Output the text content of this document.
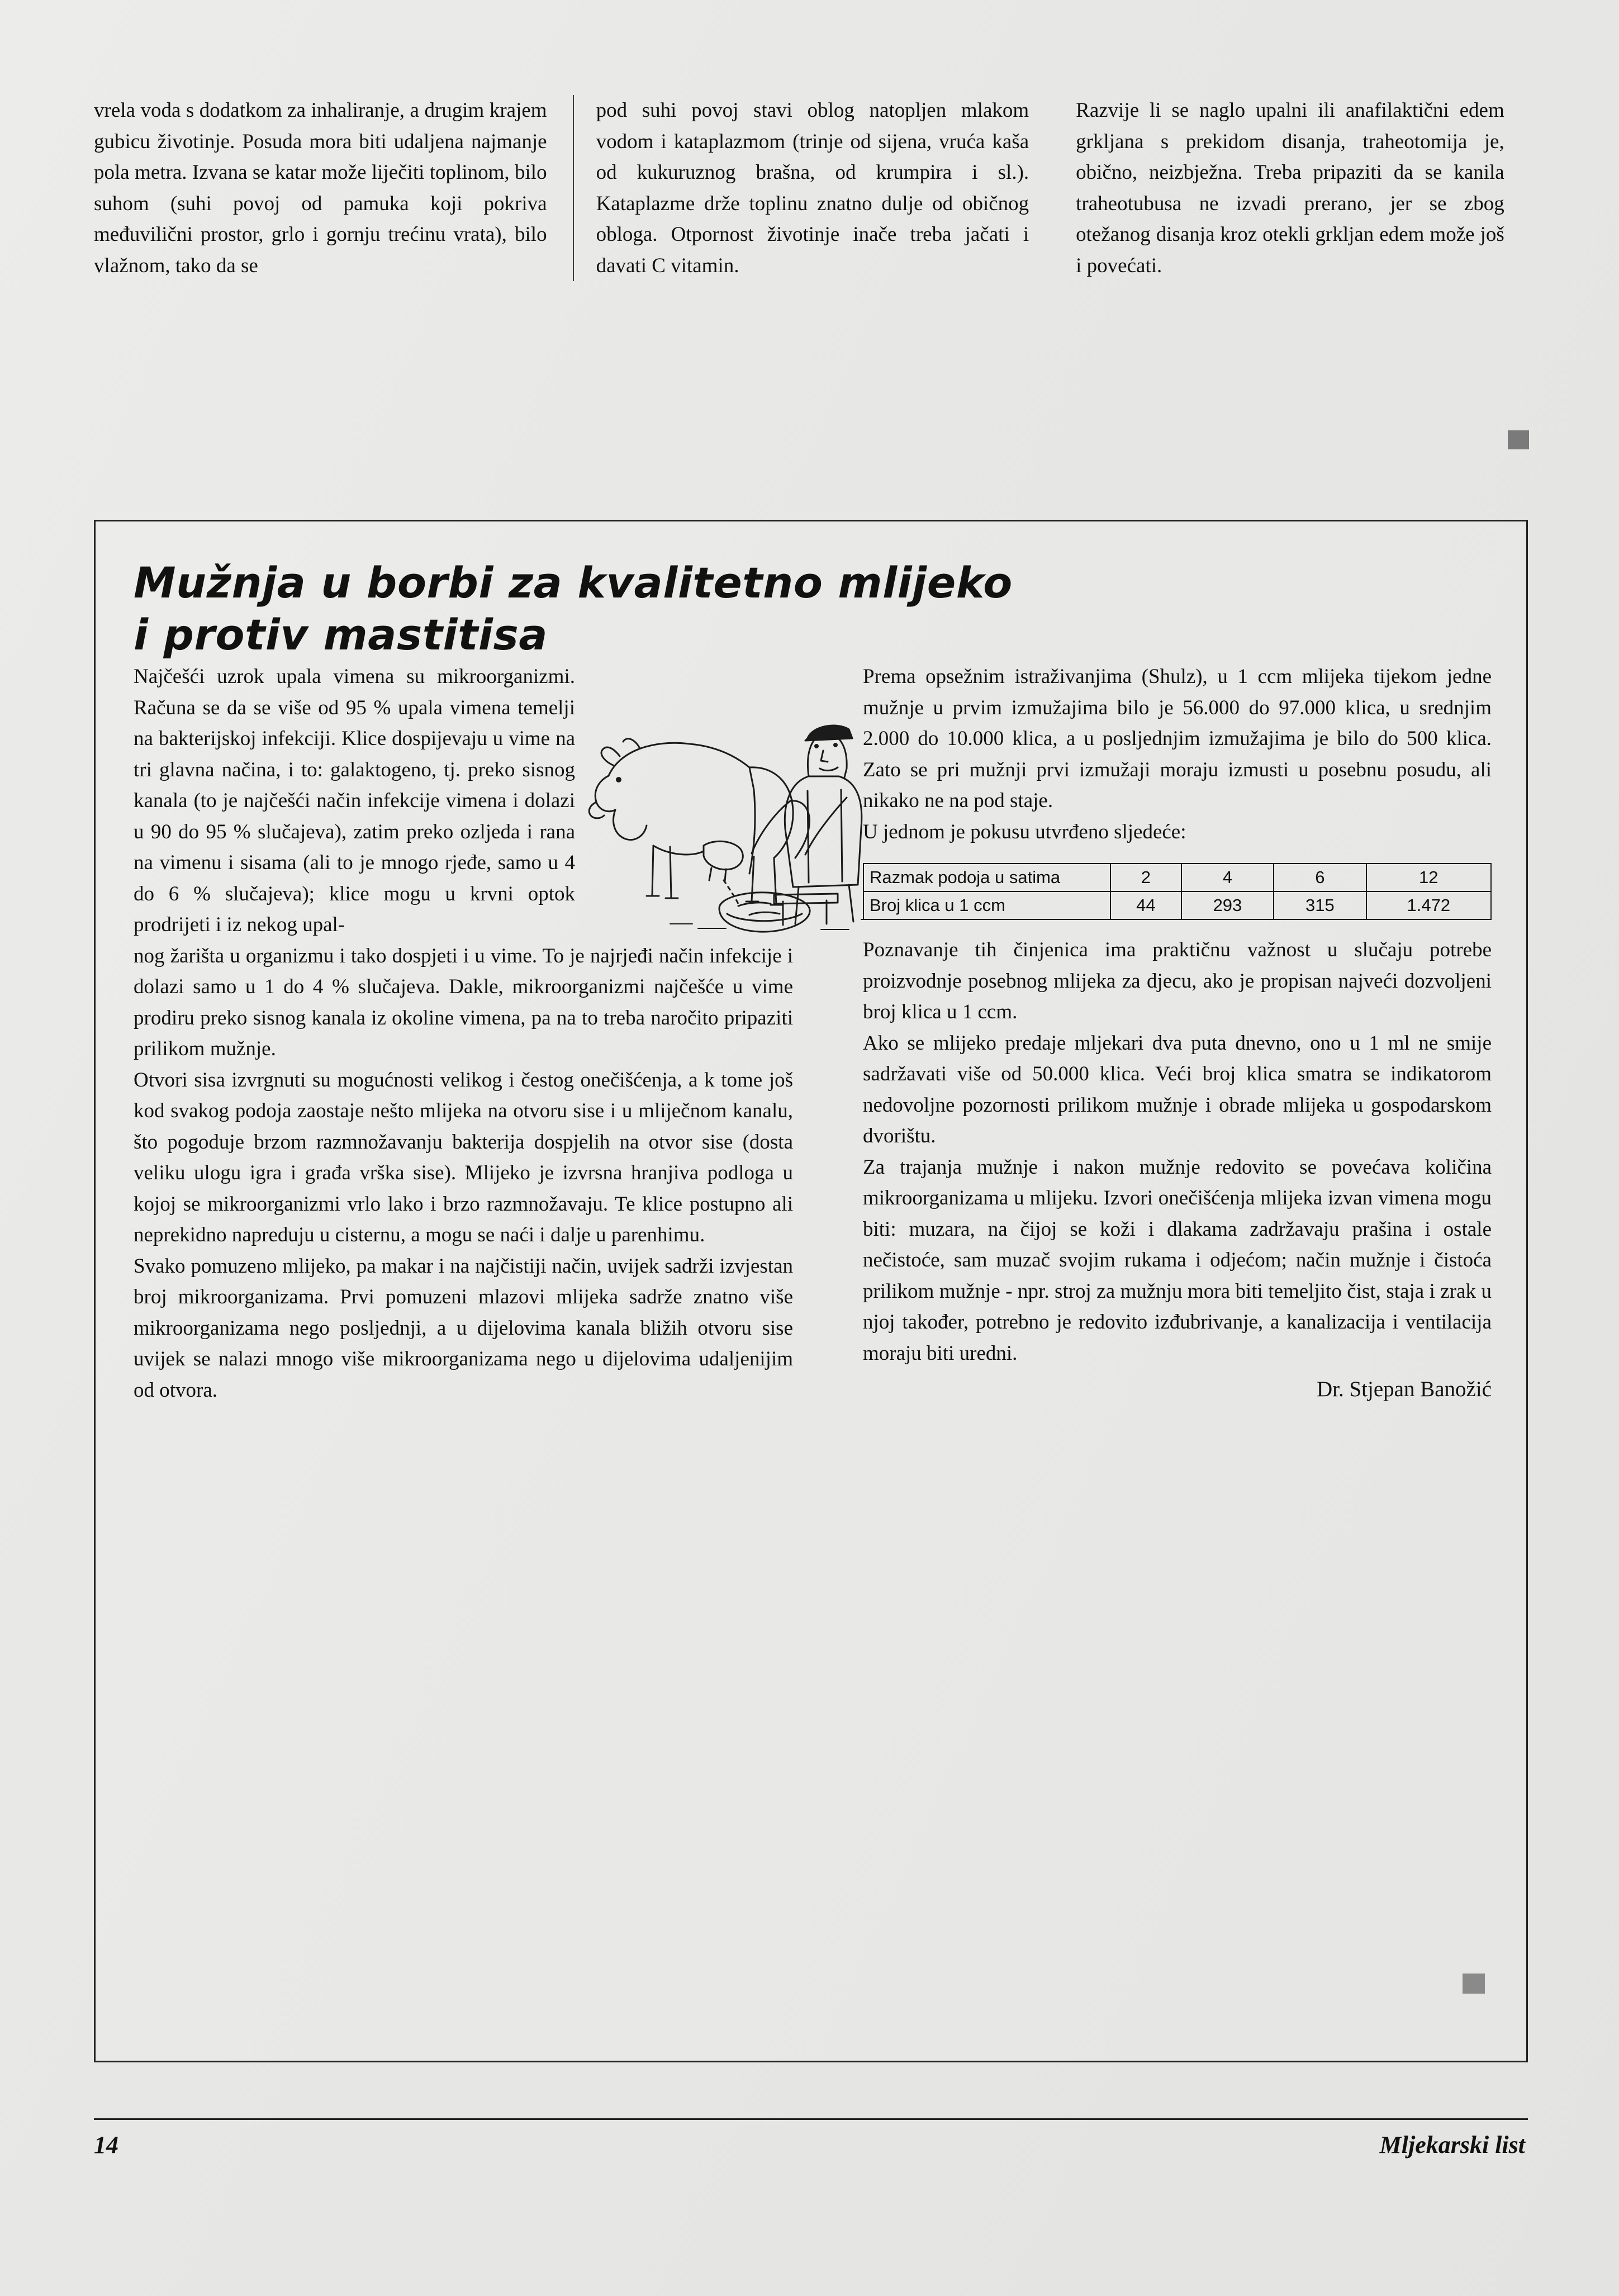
vrela voda s dodatkom za inhaliranje, a drugim krajem gubicu životinje. Posuda mora biti udaljena najmanje pola metra. Izvana se katar može liječiti toplinom, bilo suhom (suhi povoj od pamuka koji pokriva međuvilični prostor, grlo i gornju trećinu vrata), bilo vlažnom, tako da se

pod suhi povoj stavi oblog natopljen mlakom vodom i kataplazmom (trinje od sijena, vruća kaša od kukuruznog brašna, od krumpira i sl.). Kataplazme drže toplinu znatno dulje od običnog obloga. Otpornost životinje inače treba jačati i davati C vitamin.

Razvije li se naglo upalni ili anafilaktični edem grkljana s prekidom disanja, traheotomija je, obično, neizbježna. Treba pripaziti da se kanila traheotubusa ne izvadi prerano, jer se zbog otežanog disanja kroz otekli grkljan edem može još i povećati.

Mužnja u borbi za kvalitetno mlijeko
i protiv mastitisa

Najčešći uzrok upala vimena su mikroorganizmi. Računa se da se više od 95 % upala vimena temelji na bakterijskoj infekciji. Klice dospijevaju u vime na tri glavna načina, i to: galaktogeno, tj. preko sisnog kanala (to je najčešći način infekcije vimena i dolazi u 90 do 95 % slučajeva), zatim preko ozljeda i rana na vimenu i sisama (ali to je mnogo rjeđe, samo u 4 do 6 % slučajeva); klice mogu u krvni optok prodrijeti i iz nekog upal-

nog žarišta u organizmu i tako dospjeti i u vime. To je najrjeđi način infekcije i dolazi samo u 1 do 4 % slučajeva. Dakle, mikroorganizmi najčešće u vime prodiru preko sisnog kanala iz okoline vimena, pa na to treba naročito pripaziti prilikom mužnje.

Otvori sisa izvrgnuti su mogućnosti velikog i čestog onečišćenja, a k tome još kod svakog podoja zaostaje nešto mlijeka na otvoru sise i u mliječnom kanalu, što pogoduje brzom razmnožavanju bakterija dospjelih na otvor sise (dosta veliku ulogu igra i građa vrška sise). Mlijeko je izvrsna hranjiva podloga u kojoj se mikroorganizmi vrlo lako i brzo razmnožavaju. Te klice postupno ali neprekidno napreduju u cisternu, a mogu se naći i dalje u parenhimu.

Svako pomuzeno mlijeko, pa makar i na najčistiji način, uvijek sadrži izvjestan broj mikroorganizama. Prvi pomuzeni mlazovi mlijeka sadrže znatno više mikroorganizama nego posljednji, a u dijelovima kanala bližih otvoru sise uvijek se nalazi mnogo više mikroorganizama nego u dijelovima udaljenijim od otvora.

Prema opsežnim istraživanjima (Shulz), u 1 ccm mlijeka tijekom jedne mužnje u prvim izmužajima bilo je 56.000 do 97.000 klica, u srednjim 2.000 do 10.000 klica, a u posljednjim izmužajima je bilo do 500 klica. Zato se pri mužnji prvi izmužaji moraju izmusti u posebnu posudu, ali nikako ne na pod staje.

U jednom je pokusu utvrđeno sljedeće:

Razmak podoja u satima	2	4	6	12
Broj klica u 1 ccm	44	293	315	1.472

Poznavanje tih činjenica ima praktičnu važnost u slučaju potrebe proizvodnje posebnog mlijeka za djecu, ako je propisan najveći dozvoljeni broj klica u 1 ccm.

Ako se mlijeko predaje mljekari dva puta dnevno, ono u 1 ml ne smije sadržavati više od 50.000 klica. Veći broj klica smatra se indikatorom nedovoljne pozornosti prilikom mužnje i obrade mlijeka u gospodarskom dvorištu.

Za trajanja mužnje i nakon mužnje redovito se povećava količina mikroorganizama u mlijeku. Izvori onečišćenja mlijeka izvan vimena mogu biti: muzara, na čijoj se koži i dlakama zadržavaju prašina i ostale nečistoće, sam muzač svojim rukama i odjećom; način mužnje i čistoća prilikom mužnje - npr. stroj za mužnju mora biti temeljito čist, staja i zrak u njoj također, potrebno je redovito izđubrivanje, a kanalizacija i ventilacija moraju biti uredni.

Dr. Stjepan Banožić

14	Mljekarski list
